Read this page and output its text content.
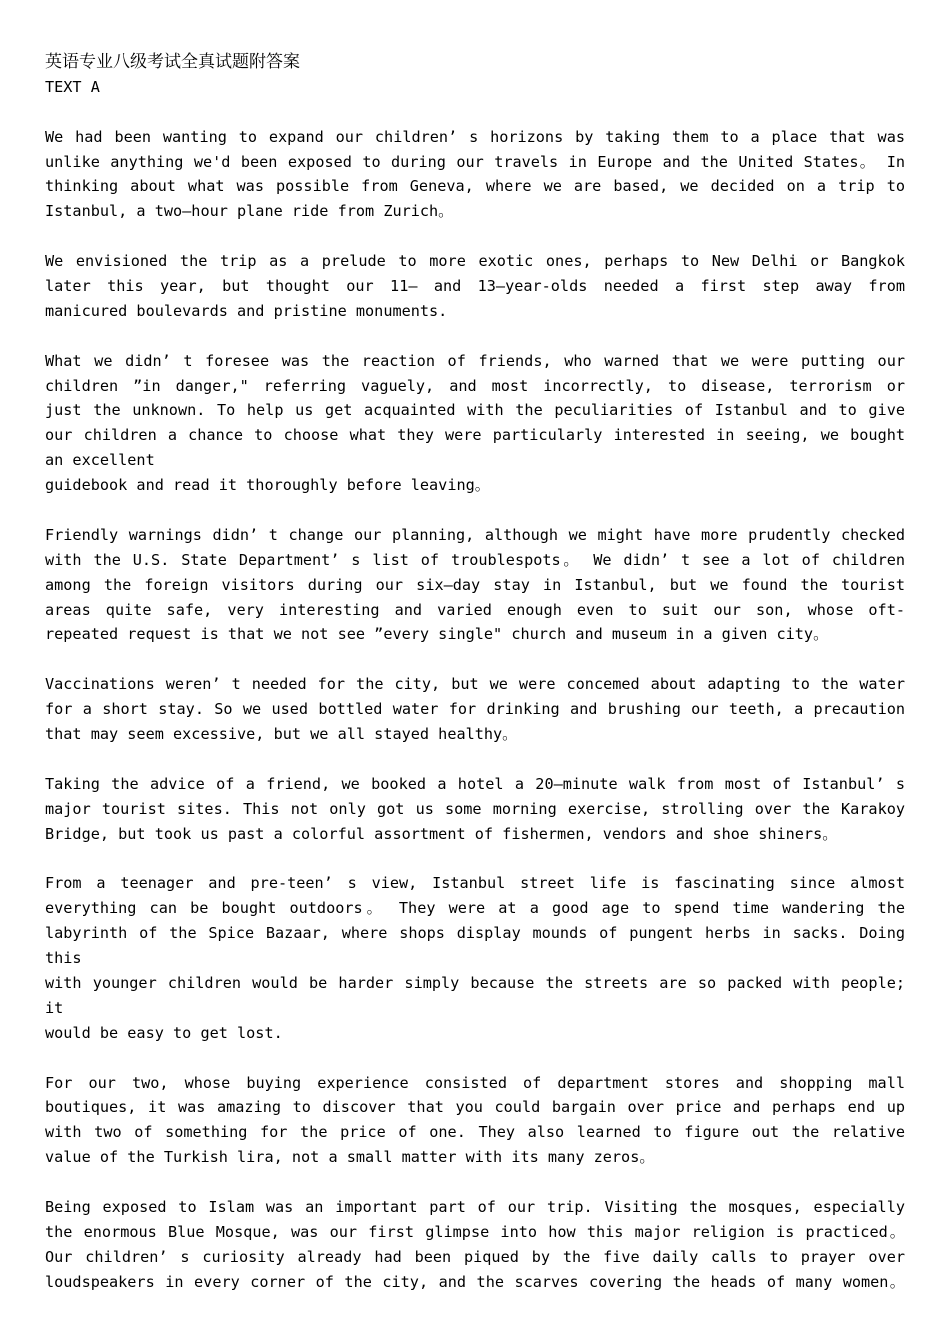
英语专业八级考试全真试题附答案
TEXT A
We had been wanting to expand our children’ s horizons by taking them to a place that was
unlike anything we'd been exposed to during our travels in Europe and the United States。 In
thinking about what was possible from Geneva, where we are based, we decided on a trip to
Istanbul, a two—hour plane ride from Zurich。
We envisioned the trip as a prelude to more exotic ones, perhaps to New Delhi or Bangkok
later this year, but thought our 11— and 13—year-olds needed a first step away from
manicured boulevards and pristine monuments.
What we didn’ t foresee was the reaction of friends, who warned that we were putting our
children ”in danger," referring vaguely, and most incorrectly, to disease, terrorism or
just the unknown. To help us get acquainted with the peculiarities of Istanbul and to give
our children a chance to choose what they were particularly interested in seeing, we bought
an excellent
guidebook and read it thoroughly before leaving。
Friendly warnings didn’ t change our planning, although we might have more prudently checked
with the U.S. State Department’ s list of troublespots。 We didn’ t see a lot of children
among the foreign visitors during our six—day stay in Istanbul, but we found the tourist
areas quite safe, very interesting and varied enough even to suit our son, whose oft-
repeated request is that we not see ”every single" church and museum in a given city。
Vaccinations weren’ t needed for the city, but we were concemed about adapting to the water
for a short stay. So we used bottled water for drinking and brushing our teeth, a precaution
that may seem excessive, but we all stayed healthy。
Taking the advice of a friend, we booked a hotel a 20—minute walk from most of Istanbul’ s
major tourist sites. This not only got us some morning exercise, strolling over the Karakoy
Bridge, but took us past a colorful assortment of fishermen, vendors and shoe shiners。
From a teenager and pre-teen’ s view, Istanbul street life is fascinating since almost
everything can be bought outdoors。 They were at a good age to spend time wandering the
labyrinth of the Spice Bazaar, where shops display mounds of pungent herbs in sacks. Doing
this
with younger children would be harder simply because the streets are so packed with people;
it
would be easy to get lost.
For our two, whose buying experience consisted of department stores and shopping mall
boutiques, it was amazing to discover that you could bargain over price and perhaps end up
with two of something for the price of one. They also learned to figure out the relative
value of the Turkish lira, not a small matter with its many zeros。
Being exposed to Islam was an important part of our trip. Visiting the mosques, especially
the enormous Blue Mosque, was our first glimpse into how this major religion is practiced。
Our children’ s curiosity already had been piqued by the five daily calls to prayer over
loudspeakers in every corner of the city, and the scarves covering the heads of many women。
